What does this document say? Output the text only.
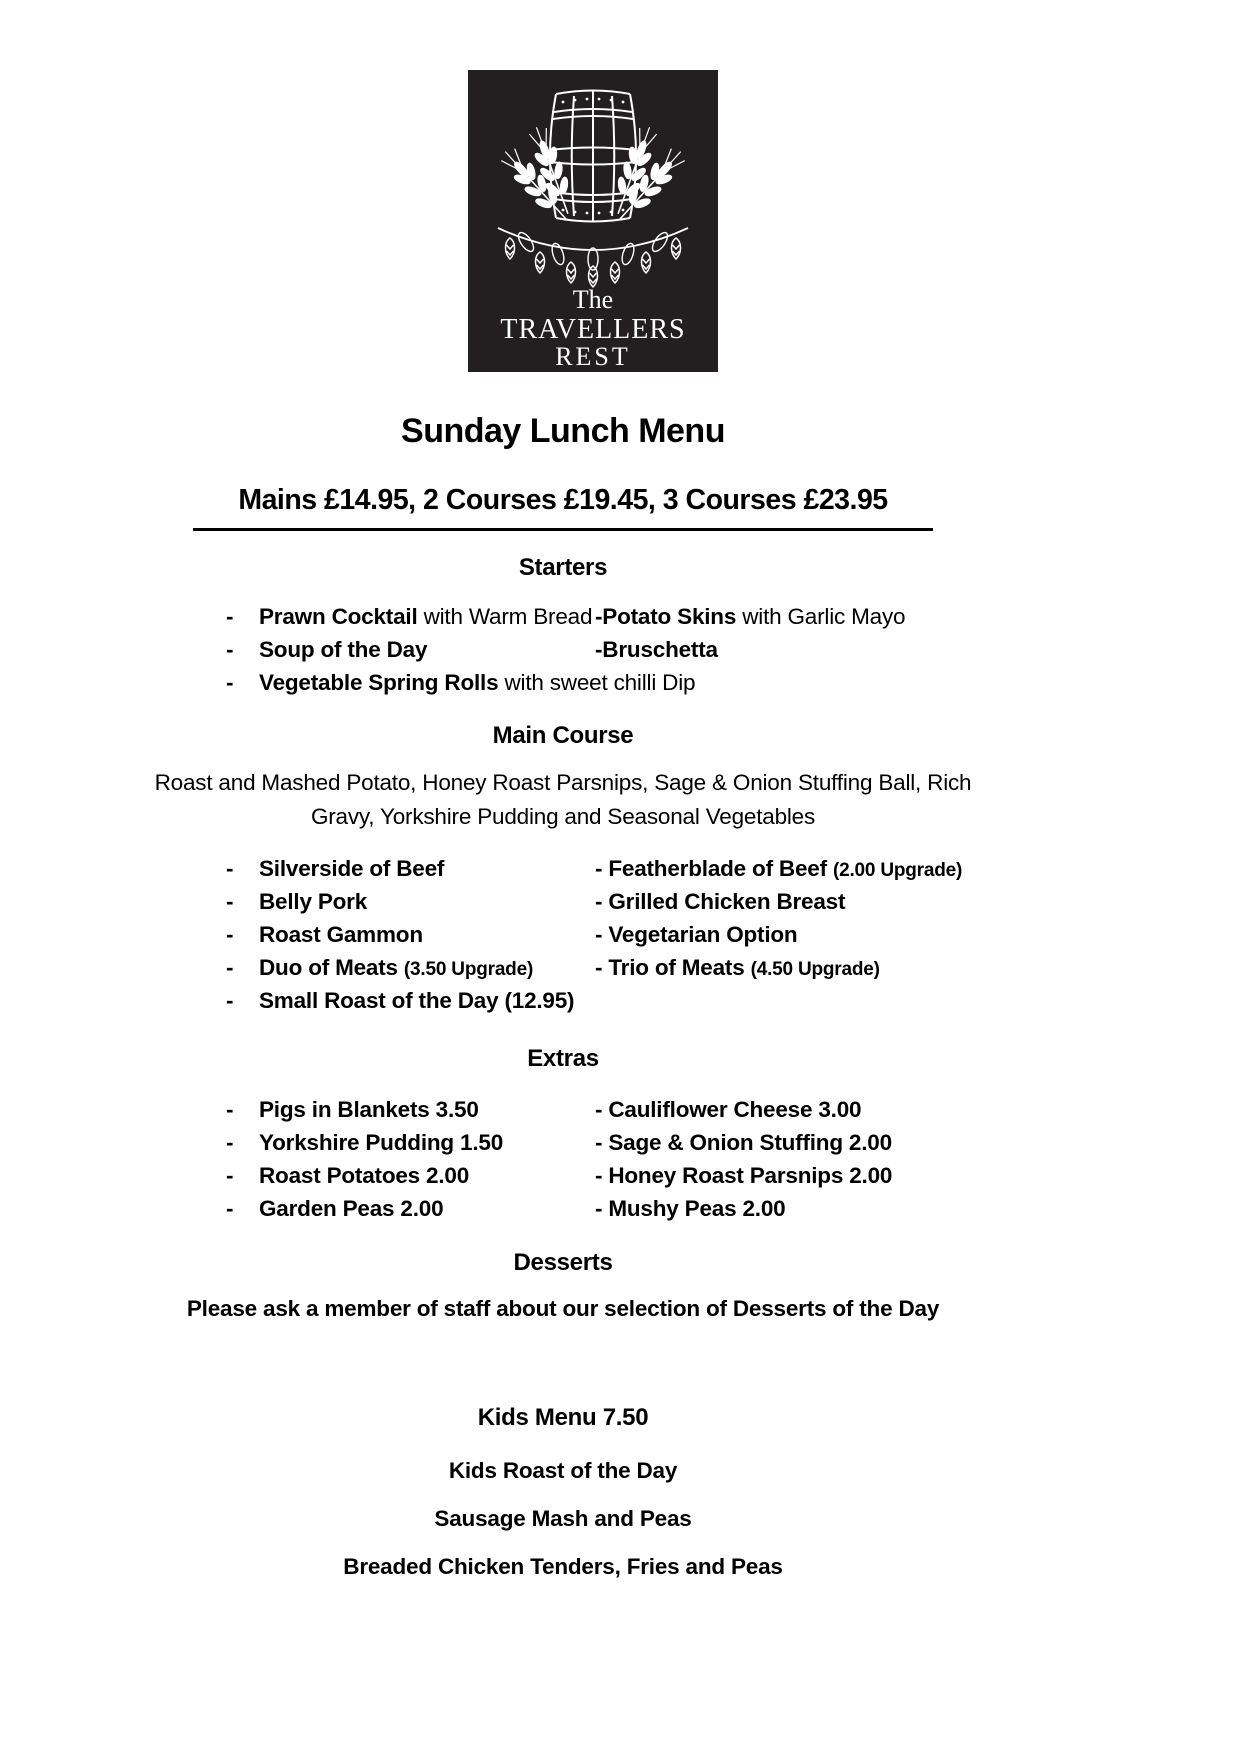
The
TRAVELLERS
REST
Sunday Lunch Menu
Mains £14.95, 2 Courses £19.45, 3 Courses £23.95
Starters
- Prawn Cocktail with Warm Bread -Potato Skins with Garlic Mayo
- Soup of the Day	-Bruschetta
- Vegetable Spring Rolls with sweet chilli Dip
Main Course
Roast and Mashed Potato, Honey Roast Parsnips, Sage & Onion Stuffing Ball, Rich
Gravy, Yorkshire Pudding and Seasonal Vegetables
- Silverside of Beef	- Featherblade of Beef (2.00 Upgrade)
- Belly Pork	- Grilled Chicken Breast
- Roast Gammon	- Vegetarian Option
- Duo of Meats (3.50 Upgrade)	- Trio of Meats (4.50 Upgrade)
- Small Roast of the Day (12.95)
Extras
- Pigs in Blankets 3.50	- Cauliflower Cheese 3.00
- Yorkshire Pudding 1.50	- Sage & Onion Stuffing 2.00
- Roast Potatoes 2.00	- Honey Roast Parsnips 2.00
- Garden Peas 2.00	- Mushy Peas 2.00
Desserts
Please ask a member of staff about our selection of Desserts of the Day
Kids Menu 7.50
Kids Roast of the Day
Sausage Mash and Peas
Breaded Chicken Tenders, Fries and Peas
